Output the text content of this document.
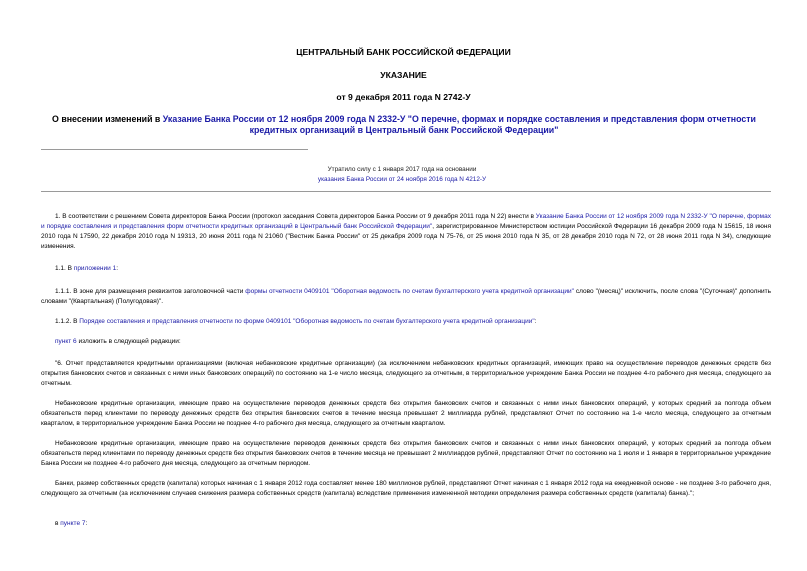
ЦЕНТРАЛЬНЫЙ БАНК РОССИЙСКОЙ ФЕДЕРАЦИИ
УКАЗАНИЕ
от 9 декабря 2011 года N 2742-У
О внесении изменений в Указание Банка России от 12 ноября 2009 года N 2332-У "О перечне, формах и порядке составления и представления форм отчетности кредитных организаций в Центральный банк Российской Федерации"
Утратило силу с 1 января 2017 года на основании
указания Банка России от 24 ноября 2016 года N 4212-У
1. В соответствии с решением Совета директоров Банка России (протокол заседания Совета директоров Банка России от 9 декабря 2011 года N 22) внести в Указание Банка России от 12 ноября 2009 года N 2332-У "О перечне, формах и порядке составления и представления форм отчетности кредитных организаций в Центральный банк Российской Федерации", зарегистрированное Министерством юстиции Российской Федерации 16 декабря 2009 года N 15615, 18 июня 2010 года N 17590, 22 декабря 2010 года N 19313, 20 июня 2011 года N 21060 ("Вестник Банка России" от 25 декабря 2009 года N 75-76, от 25 июня 2010 года N 35, от 28 декабря 2010 года N 72, от 28 июня 2011 года N 34), следующие изменения.
1.1. В приложении 1:
1.1.1. В зоне для размещения реквизитов заголовочной части формы отчетности 0409101 "Оборотная ведомость по счетам бухгалтерского учета кредитной организации" слово "(месяц)" исключить, после слова "(Суточная)" дополнить словами "(Квартальная) (Полугодовая)".
1.1.2. В Порядке составления и представления отчетности по форме 0409101 "Оборотная ведомость по счетам бухгалтерского учета кредитной организации":
пункт 6 изложить в следующей редакции:
"6. Отчет представляется кредитными организациями (включая небанковские кредитные организации) (за исключением небанковских кредитных организаций, имеющих право на осуществление переводов денежных средств без открытия банковских счетов и связанных с ними иных банковских операций) по состоянию на 1-е число месяца, следующего за отчетным, в территориальное учреждение Банка России не позднее 4-го рабочего дня месяца, следующего за отчетным.
Небанковские кредитные организации, имеющие право на осуществление переводов денежных средств без открытия банковских счетов и связанных с ними иных банковских операций, у которых средний за полгода объем обязательств перед клиентами по переводу денежных средств без открытия банковских счетов в течение месяца превышает 2 миллиарда рублей, представляют Отчет по состоянию на 1-е число месяца, следующего за отчетным кварталом, в территориальное учреждение Банка России не позднее 4-го рабочего дня месяца, следующего за отчетным кварталом.
Небанковские кредитные организации, имеющие право на осуществление переводов денежных средств без открытия банковских счетов и связанных с ними иных банковских операций, у которых средний за полгода объем обязательств перед клиентами по переводу денежных средств без открытия банковских счетов в течение месяца не превышает 2 миллиардов рублей, представляют Отчет по состоянию на 1 июля и 1 января в территориальное учреждение Банка России не позднее 4-го рабочего дня месяца, следующего за отчетным периодом.
Банки, размер собственных средств (капитала) которых начиная с 1 января 2012 года составляет менее 180 миллионов рублей, представляют Отчет начиная с 1 января 2012 года на ежедневной основе - не позднее 3-го рабочего дня, следующего за отчетным (за исключением случаев снижения размера собственных средств (капитала) вследствие применения измененной методики определения размера собственных средств (капитала) банка).";
в пункте 7:
